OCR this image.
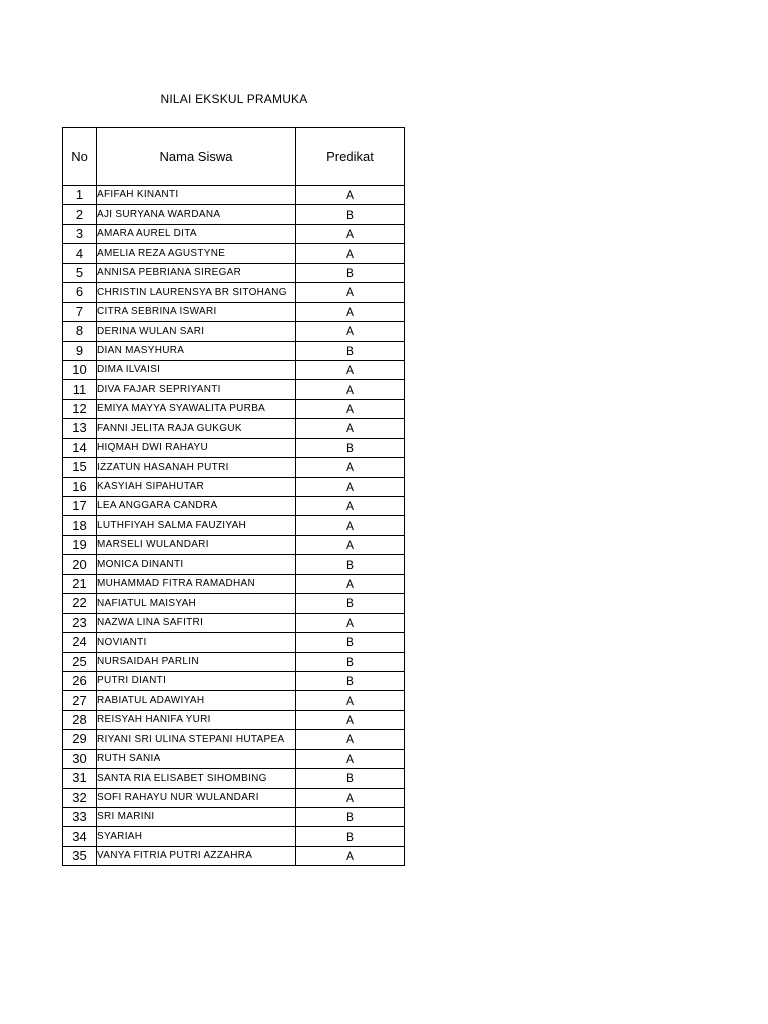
NILAI EKSKUL PRAMUKA
No	Nama Siswa	Predikat
1	AFIFAH KINANTI	A
2	AJI SURYANA WARDANA	B
3	AMARA AUREL DITA	A
4	AMELIA REZA AGUSTYNE	A
5	ANNISA PEBRIANA SIREGAR	B
6	CHRISTIN LAURENSYA BR SITOHANG	A
7	CITRA SEBRINA ISWARI	A
8	DERINA WULAN SARI	A
9	DIAN MASYHURA	B
10	DIMA ILVAISI	A
11	DIVA FAJAR SEPRIYANTI	A
12	EMIYA MAYYA SYAWALITA PURBA	A
13	FANNI JELITA RAJA GUKGUK	A
14	HIQMAH DWI RAHAYU	B
15	IZZATUN HASANAH PUTRI	A
16	KASYIAH SIPAHUTAR	A
17	LEA ANGGARA CANDRA	A
18	LUTHFIYAH SALMA FAUZIYAH	A
19	MARSELI WULANDARI	A
20	MONICA DINANTI	B
21	MUHAMMAD FITRA RAMADHAN	A
22	NAFIATUL MAISYAH	B
23	NAZWA LINA SAFITRI	A
24	NOVIANTI	B
25	NURSAIDAH PARLIN	B
26	PUTRI DIANTI	B
27	RABIATUL ADAWIYAH	A
28	REISYAH HANIFA YURI	A
29	RIYANI SRI ULINA STEPANI HUTAPEA	A
30	RUTH SANIA	A
31	SANTA RIA ELISABET SIHOMBING	B
32	SOFI RAHAYU NUR WULANDARI	A
33	SRI MARINI	B
34	SYARIAH	B
35	VANYA FITRIA PUTRI AZZAHRA	A
